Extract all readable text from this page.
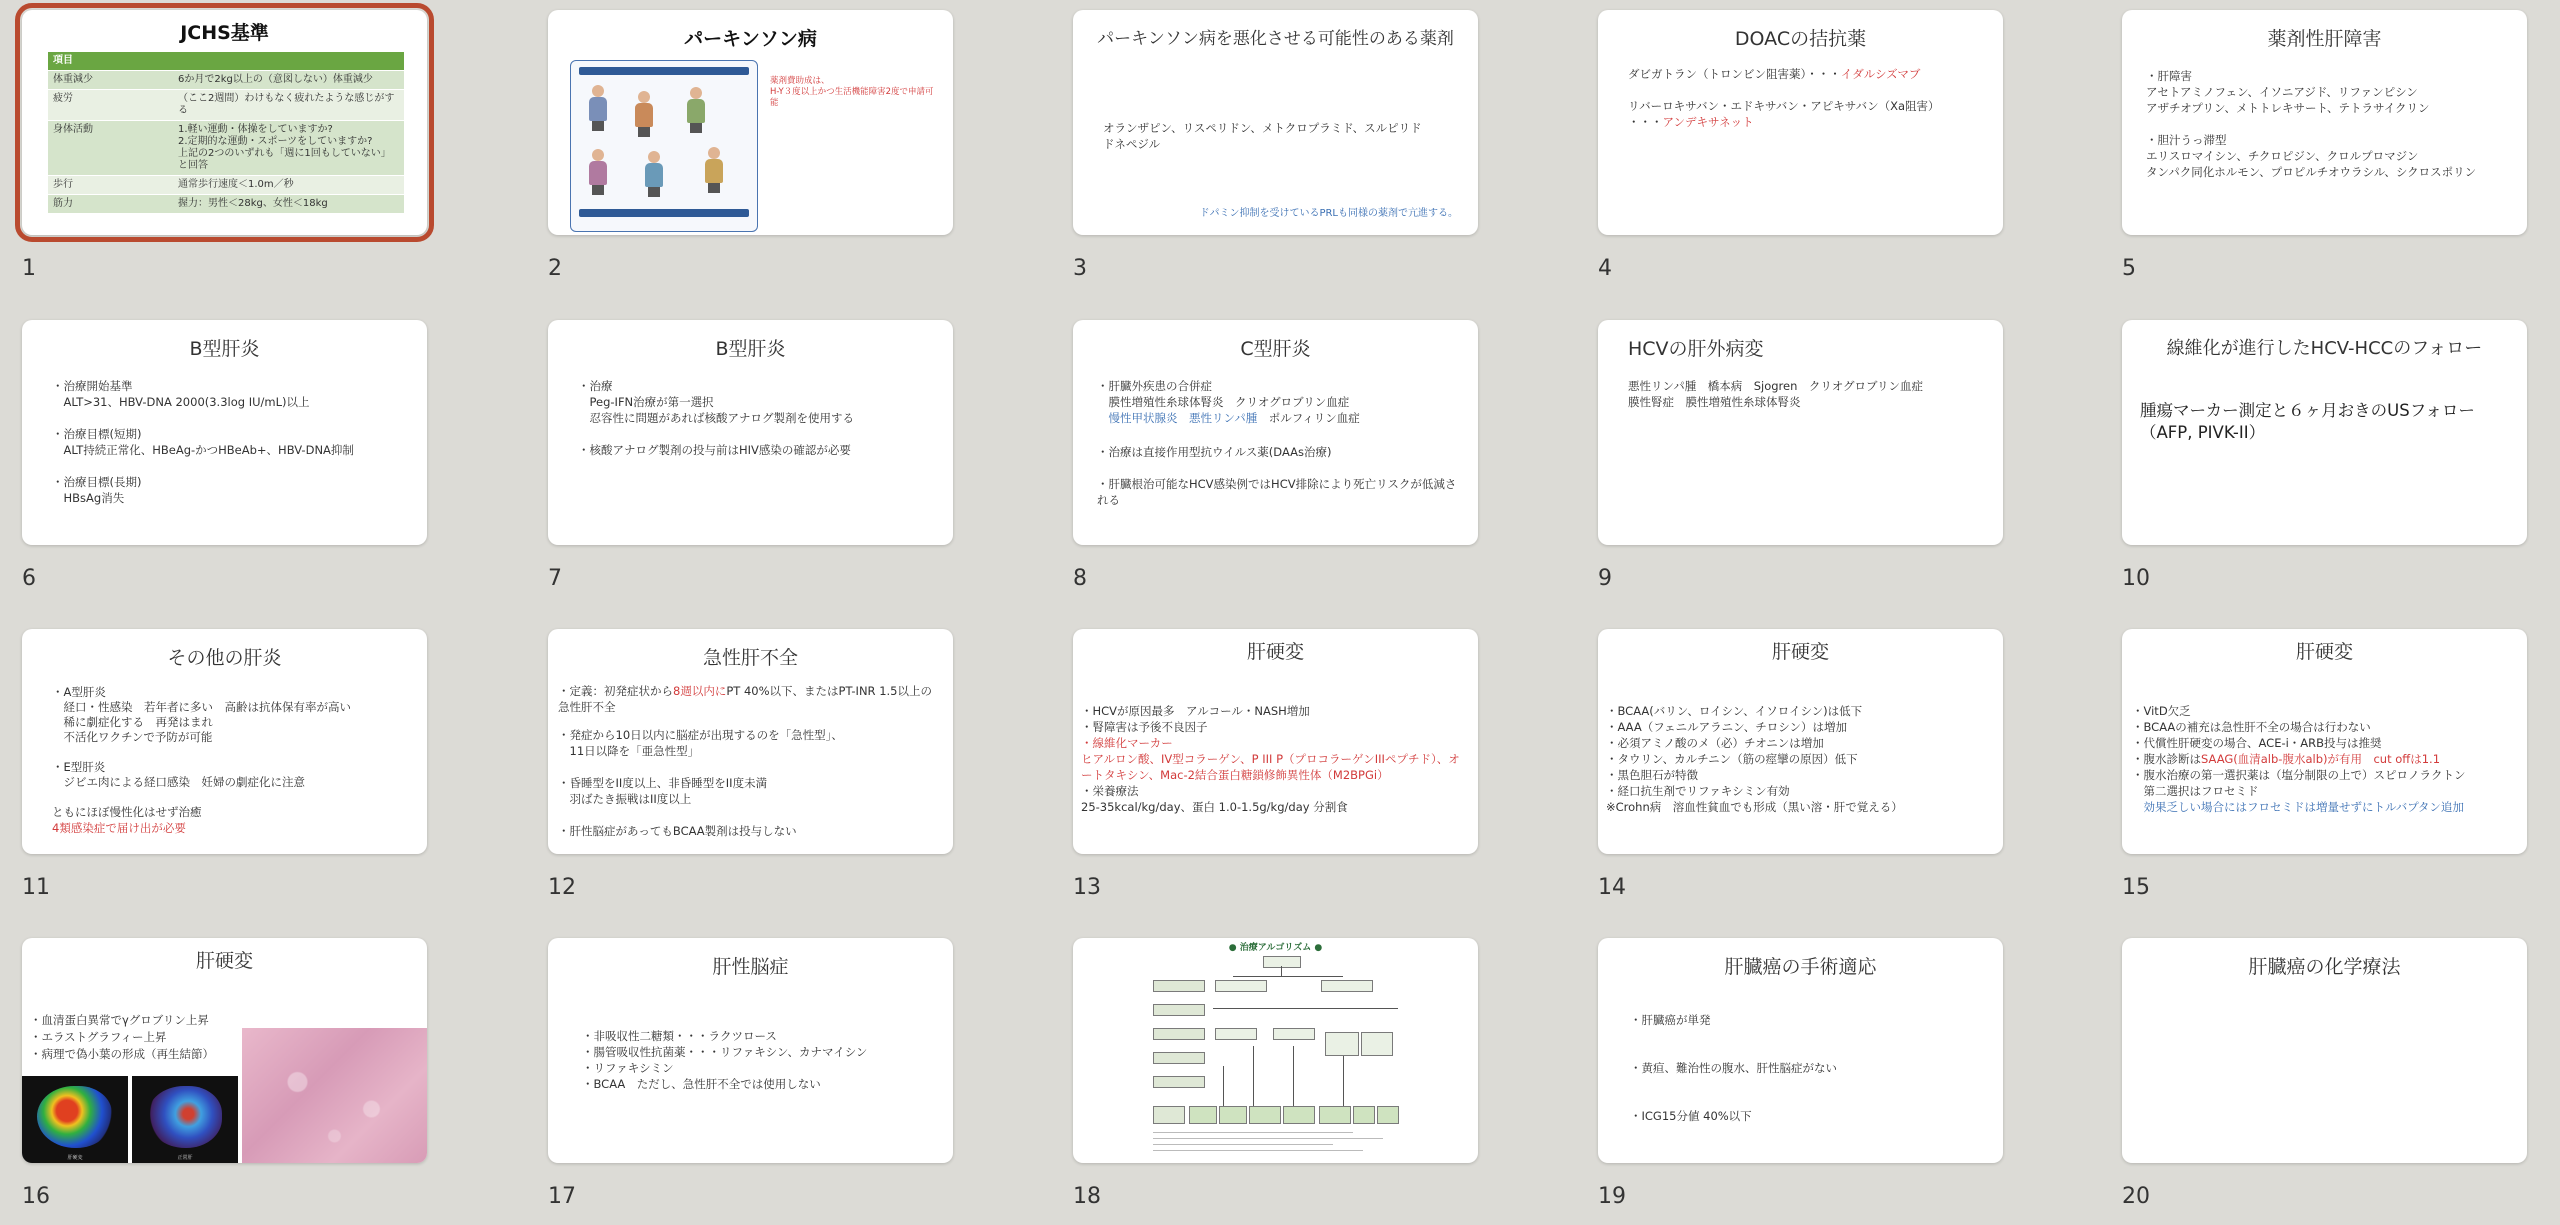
JCHS基準
項目	
体重減少	6か月で2kg以上の（意図しない）体重減少
疲労	（ここ2週間）わけもなく疲れたような感じがする
身体活動	1.軽い運動・体操をしていますか?
2.定期的な運動・スポーツをしていますか?
上記の2つのいずれも「週に1回もしていない」と回答
歩行	通常歩行速度＜1.0m／秒
筋力	握力：男性＜28kg、女性＜18kg
1
パーキンソン病
薬剤費助成は、
H-Y３度以上かつ生活機能障害2度で申請可能
2
パーキンソン病を悪化させる可能性のある薬剤
オランザピン、リスペリドン、メトクロプラミド、スルピリド
ドネペジル
ドパミン抑制を受けているPRLも同様の薬剤で亢進する。
3
DOACの拮抗薬
ダビガトラン（トロンビン阻害薬）・・・イダルシズマブ
リバーロキサバン・エドキサバン・アピキサバン（Xa阻害）
・・・アンデキサネット
4
薬剤性肝障害
・肝障害
アセトアミノフェン、イソニアジド、リファンピシン
アザチオプリン、メトトレキサート、テトラサイクリン

・胆汁うっ滞型
エリスロマイシン、チクロピジン、クロルプロマジン
タンパク同化ホルモン、プロピルチオウラシル、シクロスポリン
5
B型肝炎
・治療開始基準
　ALT>31、HBV-DNA 2000(3.3log IU/mL)以上

・治療目標(短期)
　ALT持続正常化、HBeAg-かつHBeAb+、HBV-DNA抑制

・治療目標(長期)
　HBsAg消失
6
B型肝炎
・治療
　Peg-IFN治療が第一選択
　忍容性に問題があれば核酸アナログ製剤を使用する

・核酸アナログ製剤の投与前はHIV感染の確認が必要
7
C型肝炎
・肝臓外疾患の合併症
　膜性増殖性糸球体腎炎　クリオグロブリン血症
　慢性甲状腺炎　悪性リンパ腫　ポルフィリン血症
・治療は直接作用型抗ウイルス薬(DAAs治療)

・肝臓根治可能なHCV感染例ではHCV排除により死亡リスクが低減される
8
HCVの肝外病変
悪性リンパ腫　橋本病　Sjogren　クリオグロブリン血症
膜性腎症　膜性増殖性糸球体腎炎
9
線維化が進行したHCV-HCCのフォロー
腫瘍マーカー測定と６ヶ月おきのUSフォロー
（AFP, PIVK-II）
10
その他の肝炎
・A型肝炎
　経口・性感染　若年者に多い　高齢は抗体保有率が高い
　稀に劇症化する　再発はまれ
　不活化ワクチンで予防が可能

・E型肝炎
　ジビエ肉による経口感染　妊婦の劇症化に注意

ともにほぼ慢性化はせず治癒
4類感染症で届け出が必要
11
急性肝不全
・定義：初発症状から8週以内にPT 40%以下、またはPT-INR 1.5以上の急性肝不全
・発症から10日以内に脳症が出現するのを「急性型」、
　11日以降を「亜急性型」

・昏睡型をII度以上、非昏睡型をII度未満
　羽ばたき振戦はII度以上

・肝性脳症があってもBCAA製剤は投与しない
12
肝硬変
・HCVが原因最多　アルコール・NASH増加
・腎障害は予後不良因子

・線維化マーカー
ヒアルロン酸、IV型コラーゲン、P III P（プロコラーゲンIIIペプチド）、オートタキシン、Mac-2結合蛋白糖鎖修飾異性体（M2BPGi）
・栄養療法
25-35kcal/kg/day、蛋白 1.0-1.5g/kg/day 分割食
13
肝硬変
・BCAA(バリン、ロイシン、イソロイシン)は低下
・AAA（フェニルアラニン、チロシン）は増加
・必須アミノ酸のメ（必）チオニンは増加
・タウリン、カルチニン（筋の痙攣の原因）低下
・黒色胆石が特徴
・経口抗生剤でリファキシミン有効
※Crohn病　溶血性貧血でも形成（黒い溶・肝で覚える）
14
肝硬変
・VitD欠乏
・BCAAの補充は急性肝不全の場合は行わない
・代償性肝硬変の場合、ACE-i・ARB投与は推奨
・腹水診断はSAAG(血清alb-腹水alb)が有用　cut offは1.1
・腹水治療の第一選択薬は（塩分制限の上で）スピロノラクトン
　第二選択はフロセミド
　効果乏しい場合にはフロセミドは増量せずにトルバプタン追加
15
肝硬変
・血清蛋白異常でγグロブリン上昇
・エラストグラフィー上昇
・病理で偽小葉の形成（再生結節）
肝硬変	正常肝
16
肝性脳症
・非吸収性二糖類・・・ラクツロース
・腸管吸収性抗菌薬・・・リファキシン、カナマイシン
・リファキシミン
・BCAA　ただし、急性肝不全では使用しない
17
● 治療アルゴリズム ●
18
肝臓癌の手術適応
・肝臓癌が単発

・黄疸、難治性の腹水、肝性脳症がない

・ICG15分値 40%以下
19
肝臓癌の化学療法
20
